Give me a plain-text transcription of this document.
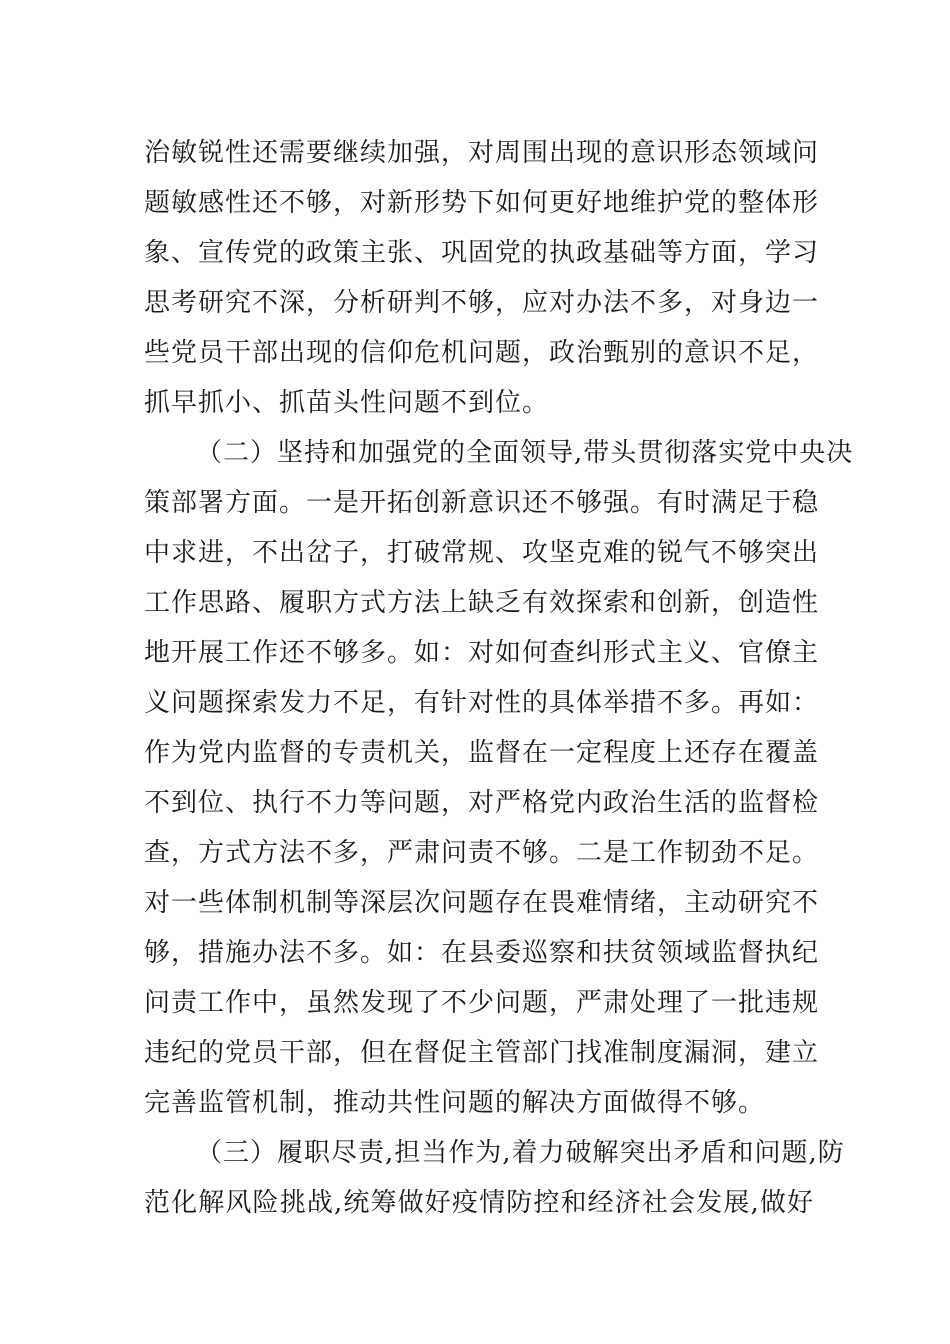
治敏锐性还需要继续加强，对周围出现的意识形态领域问
题敏感性还不够，对新形势下如何更好地维护党的整体形
象、宣传党的政策主张、巩固党的执政基础等方面，学习
思考研究不深，分析研判不够，应对办法不多，对身边一
些党员干部出现的信仰危机问题，政治甄别的意识不足，
抓早抓小、抓苗头性问题不到位。
（二）坚持和加强党的全面领导,带头贯彻落实党中央决
策部署方面。一是开拓创新意识还不够强。有时满足于稳
中求进，不出岔子，打破常规、攻坚克难的锐气不够突出
工作思路、履职方式方法上缺乏有效探索和创新，创造性
地开展工作还不够多。如：对如何查纠形式主义、官僚主
义问题探索发力不足，有针对性的具体举措不多。再如：
作为党内监督的专责机关，监督在一定程度上还存在覆盖
不到位、执行不力等问题，对严格党内政治生活的监督检
查，方式方法不多，严肃问责不够。二是工作韧劲不足。
对一些体制机制等深层次问题存在畏难情绪，主动研究不
够，措施办法不多。如：在县委巡察和扶贫领域监督执纪
问责工作中，虽然发现了不少问题，严肃处理了一批违规
违纪的党员干部，但在督促主管部门找准制度漏洞，建立
完善监管机制，推动共性问题的解决方面做得不够。
（三）履职尽责,担当作为,着力破解突出矛盾和问题,防
范化解风险挑战,统筹做好疫情防控和经济社会发展,做好
